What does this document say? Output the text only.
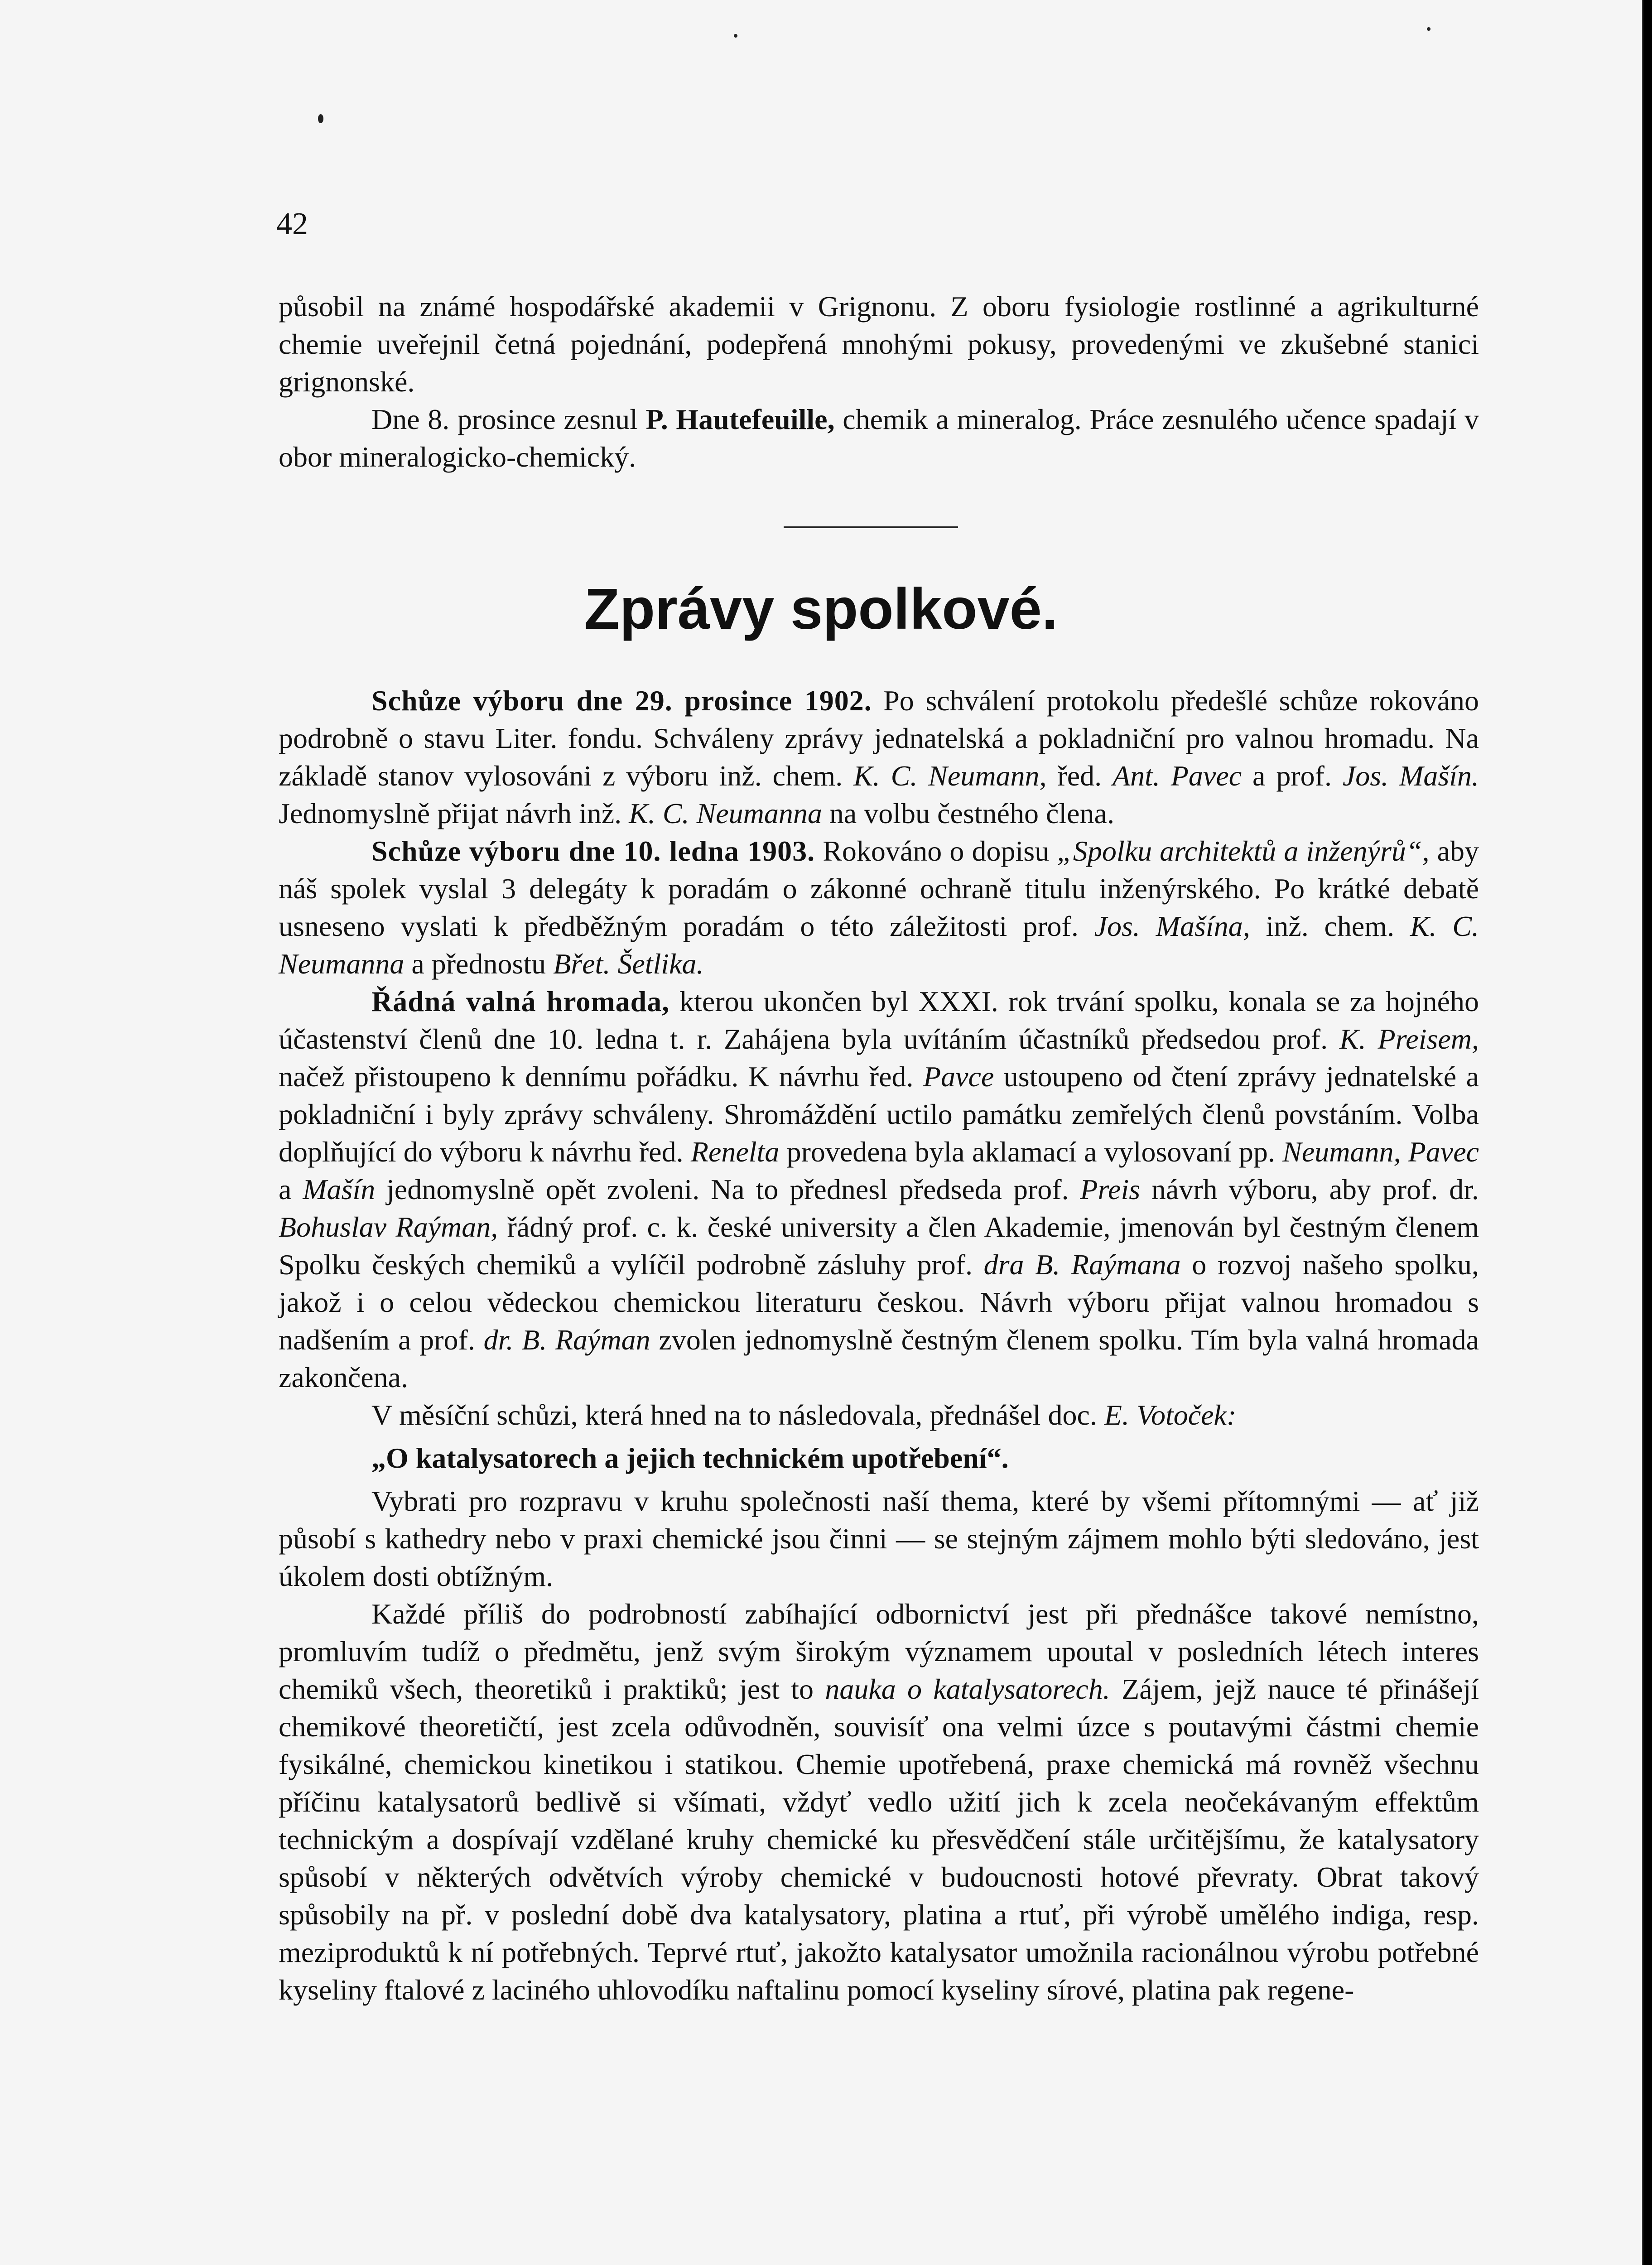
42

působil na známé hospodářské akademii v Grignonu. Z oboru fysiologie rostlinné a agrikulturné chemie uveřejnil četná pojednání, podepřená mnohými pokusy, provedenými ve zkušebné stanici grignonské.

Dne 8. prosince zesnul P. Hautefeuille, chemik a mineralog. Práce zesnulého učence spadají v obor mineralogicko-chemický.

Zprávy spolkové.

Schůze výboru dne 29. prosince 1902. Po schválení protokolu předešlé schůze rokováno podrobně o stavu Liter. fondu. Schváleny zprávy jednatelská a pokladniční pro valnou hromadu. Na základě stanov vylosováni z výboru inž. chem. K. C. Neumann, řed. Ant. Pavec a prof. Jos. Mašín. Jednomyslně přijat návrh inž. K. C. Neumanna na volbu čestného člena.

Schůze výboru dne 10. ledna 1903. Rokováno o dopisu „Spolku architektů a inženýrů“, aby náš spolek vyslal 3 delegáty k poradám o zákonné ochraně titulu inženýrského. Po krátké debatě usneseno vyslati k předběžným poradám o této záležitosti prof. Jos. Mašína, inž. chem. K. C. Neumanna a přednostu Břet. Šetlika.

Řádná valná hromada, kterou ukončen byl XXXI. rok trvání spolku, konala se za hojného účastenství členů dne 10. ledna t. r. Zahájena byla uvítáním účastníků předsedou prof. K. Preisem, načež přistoupeno k dennímu pořádku. K návrhu řed. Pavce ustoupeno od čtení zprávy jednatelské a pokladniční i byly zprávy schváleny. Shromáždění uctilo památku zemřelých členů povstáním. Volba doplňující do výboru k návrhu řed. Renelta provedena byla aklamací a vylosovaní pp. Neumann, Pavec a Mašín jednomyslně opět zvoleni. Na to přednesl předseda prof. Preis návrh výboru, aby prof. dr. Bohuslav Raýman, řádný prof. c. k. české university a člen Akademie, jmenován byl čestným členem Spolku českých chemiků a vylíčil podrobně zásluhy prof. dra B. Raýmana o rozvoj našeho spolku, jakož i o celou vědeckou chemickou literaturu českou. Návrh výboru přijat valnou hromadou s nadšením a prof. dr. B. Raýman zvolen jednomyslně čestným členem spolku. Tím byla valná hromada zakončena.

V měsíční schůzi, která hned na to následovala, přednášel doc. E. Votoček:

„O katalysatorech a jejich technickém upotřebení“.

Vybrati pro rozpravu v kruhu společnosti naší thema, které by všemi přítomnými — ať již působí s kathedry nebo v praxi chemické jsou činni — se stejným zájmem mohlo býti sledováno, jest úkolem dosti obtížným.

Každé příliš do podrobností zabíhající odbornictví jest při přednášce takové nemístno, promluvím tudíž o předmětu, jenž svým širokým významem upoutal v posledních létech interes chemiků všech, theoretiků i praktiků; jest to nauka o katalysatorech. Zájem, jejž nauce té přinášejí chemikové theoretičtí, jest zcela odůvodněn, souvisíť ona velmi úzce s poutavými částmi chemie fysikálné, chemickou kinetikou i statikou. Chemie upotřebená, praxe chemická má rovněž všechnu příčinu katalysatorů bedlivě si všímati, vždyť vedlo užití jich k zcela neočekávaným effektům technickým a dospívají vzdělané kruhy chemické ku přesvědčení stále určitějšímu, že katalysatory spůsobí v některých odvětvích výroby chemické v budoucnosti hotové převraty. Obrat takový spůsobily na př. v poslední době dva katalysatory, platina a rtuť, při výrobě umělého indiga, resp. meziproduktů k ní potřebných. Teprvé rtuť, jakožto katalysator umožnila racionálnou výrobu potřebné kyseliny ftalové z laciného uhlovodíku naftalinu pomocí kyseliny sírové, platina pak regene-
